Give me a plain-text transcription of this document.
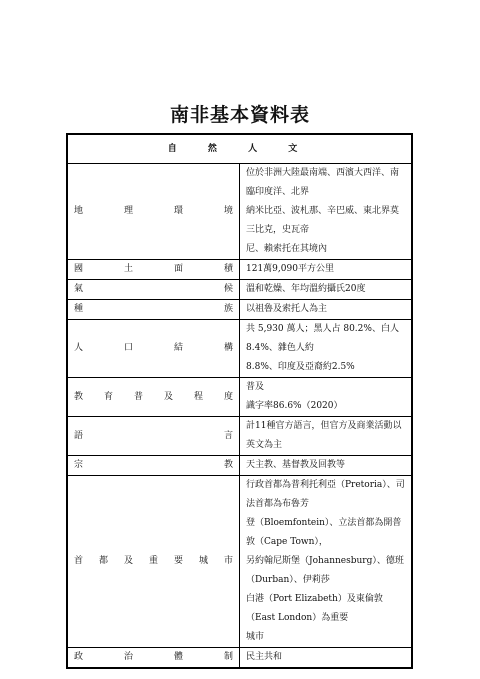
南非基本資料表
自 然 人 文	
地理環境	位於非洲大陸最南端、西濱大西洋、南臨印度洋、北界
納米比亞、波札那、辛巴威、東北界莫三比克，史瓦帝
尼、賴索托在其境內

國土面積	121萬9,090平方公里

氣候	溫和乾燥、年均溫約攝氏20度

種族	以祖魯及索托人為主

人口結構	共 5,930 萬人；黑人占 80.2%、白人 8.4%、雜色人約
8.8%、印度及亞裔約2.5%

教育普及程度	普及
識字率86.6%（2020）

語言	計11種官方語言，但官方及商業活動以英文為主

宗教	天主教、基督教及回教等

首都及重要城市	行政首都為普利托利亞（Pretoria）、司法首都為布魯芳
登（Bloemfontein）、立法首都為開普敦（Cape Town），
另約翰尼斯堡（Johannesburg）、德班（Durban）、伊莉莎
白港（Port Elizabeth）及東倫敦（East London）為重要
城市

政治體制	民主共和
